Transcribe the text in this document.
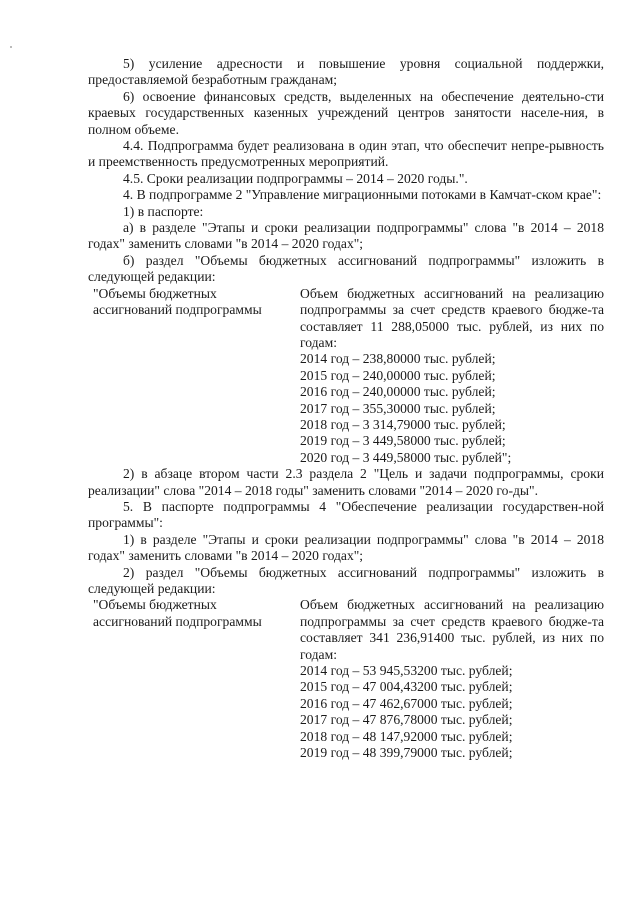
5) усиление адресности и повышение уровня социальной поддержки, предоставляемой безработным гражданам;

6) освоение финансовых средств, выделенных на обеспечение деятельно-сти краевых государственных казенных учреждений центров занятости населе-ния, в полном объеме.

4.4. Подпрограмма будет реализована в один этап, что обеспечит непре-рывность и преемственность предусмотренных мероприятий.

4.5. Сроки реализации подпрограммы – 2014 – 2020 годы.".

4. В подпрограмме 2 "Управление миграционными потоками в Камчат-ском крае":

1) в паспорте:

а) в разделе "Этапы и сроки реализации подпрограммы" слова "в 2014 – 2018 годах" заменить словами "в 2014 – 2020 годах";

б) раздел "Объемы бюджетных ассигнований подпрограммы" изложить в следующей редакции:

"Объемы бюджетных

ассигнований подпрограммы

Объем бюджетных ассигнований на реализацию подпрограммы за счет средств краевого бюдже-та составляет 11 288,05000 тыс. рублей, из них по годам:

2014 год – 238,80000 тыс. рублей;

2015 год – 240,00000 тыс. рублей;

2016 год – 240,00000 тыс. рублей;

2017 год – 355,30000 тыс. рублей;

2018 год – 3 314,79000 тыс. рублей;

2019 год – 3 449,58000 тыс. рублей;

2020 год – 3 449,58000 тыс. рублей";

2) в абзаце втором части 2.3 раздела 2 "Цель и задачи подпрограммы, сроки реализации" слова "2014 – 2018 годы" заменить словами "2014 – 2020 го-ды".

5. В паспорте подпрограммы 4 "Обеспечение реализации государствен-ной программы":

1) в разделе "Этапы и сроки реализации подпрограммы" слова "в 2014 – 2018 годах" заменить словами "в 2014 – 2020 годах";

2) раздел "Объемы бюджетных ассигнований подпрограммы" изложить в следующей редакции:

"Объемы бюджетных

ассигнований подпрограммы

Объем бюджетных ассигнований на реализацию подпрограммы за счет средств краевого бюдже-та составляет 341 236,91400 тыс. рублей, из них по годам:

2014 год – 53 945,53200 тыс. рублей;

2015 год – 47 004,43200 тыс. рублей;

2016 год – 47 462,67000 тыс. рублей;

2017 год – 47 876,78000 тыс. рублей;

2018 год – 48 147,92000 тыс. рублей;

2019 год – 48 399,79000 тыс. рублей;
